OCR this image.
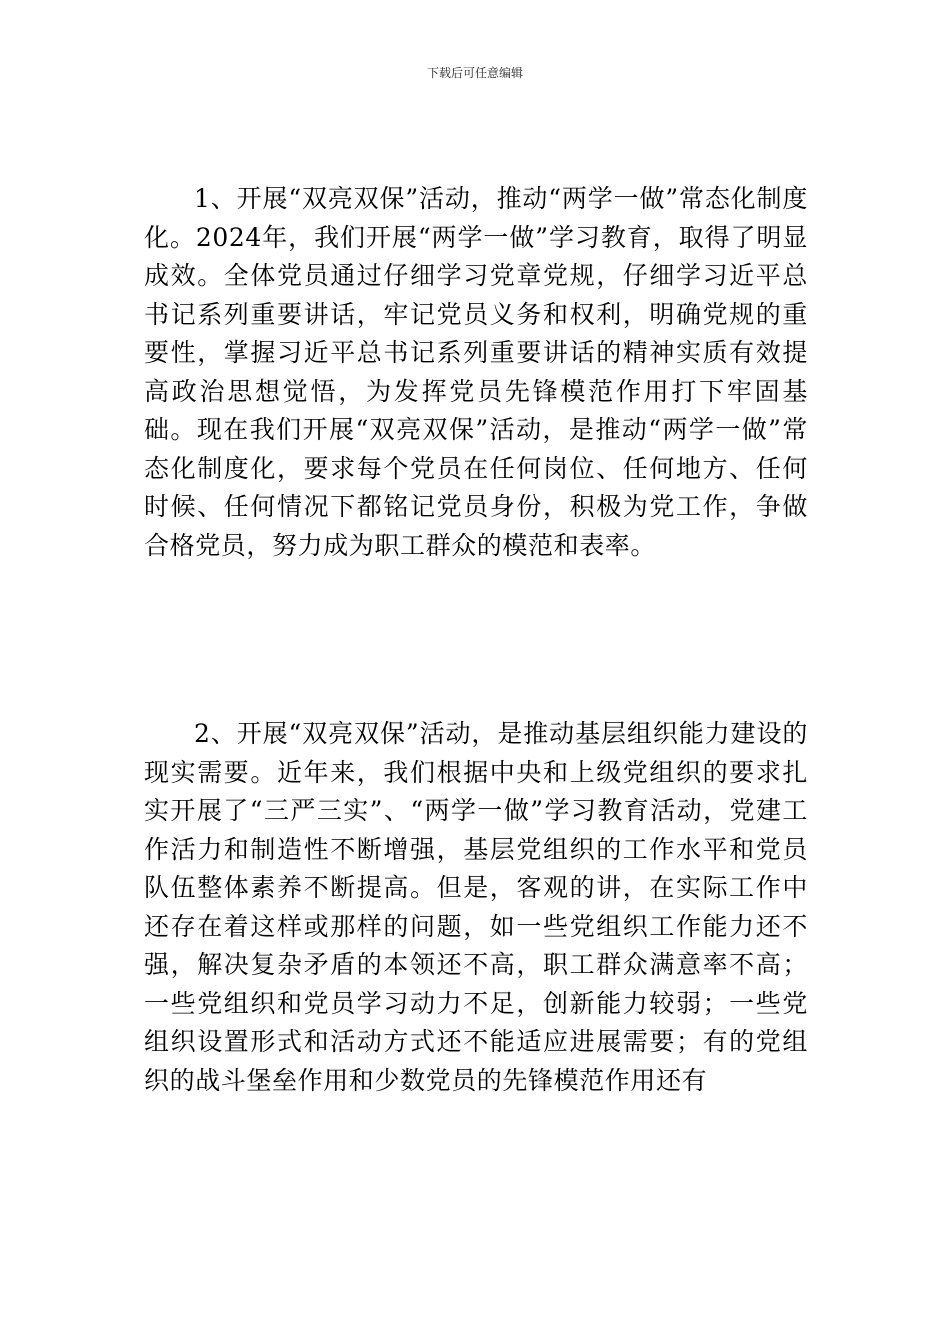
下载后可任意编辑

1、开展“双亮双保”活动，推动“两学一做”常态化制度化。2024年，我们开展“两学一做”学习教育，取得了明显成效。全体党员通过仔细学习党章党规，仔细学习近平总书记系列重要讲话，牢记党员义务和权利，明确党规的重要性，掌握习近平总书记系列重要讲话的精神实质有效提高政治思想觉悟，为发挥党员先锋模范作用打下牢固基础。现在我们开展“双亮双保”活动，是推动“两学一做”常态化制度化，要求每个党员在任何岗位、任何地方、任何时候、任何情况下都铭记党员身份，积极为党工作，争做合格党员，努力成为职工群众的模范和表率。

2、开展“双亮双保”活动，是推动基层组织能力建设的现实需要。近年来，我们根据中央和上级党组织的要求扎实开展了“三严三实”、“两学一做”学习教育活动，党建工作活力和制造性不断增强，基层党组织的工作水平和党员队伍整体素养不断提高。但是，客观的讲，在实际工作中还存在着这样或那样的问题，如一些党组织工作能力还不强，解决复杂矛盾的本领还不高，职工群众满意率不高；一些党组织和党员学习动力不足，创新能力较弱；一些党组织设置形式和活动方式还不能适应进展需要；有的党组织的战斗堡垒作用和少数党员的先锋模范作用还有
